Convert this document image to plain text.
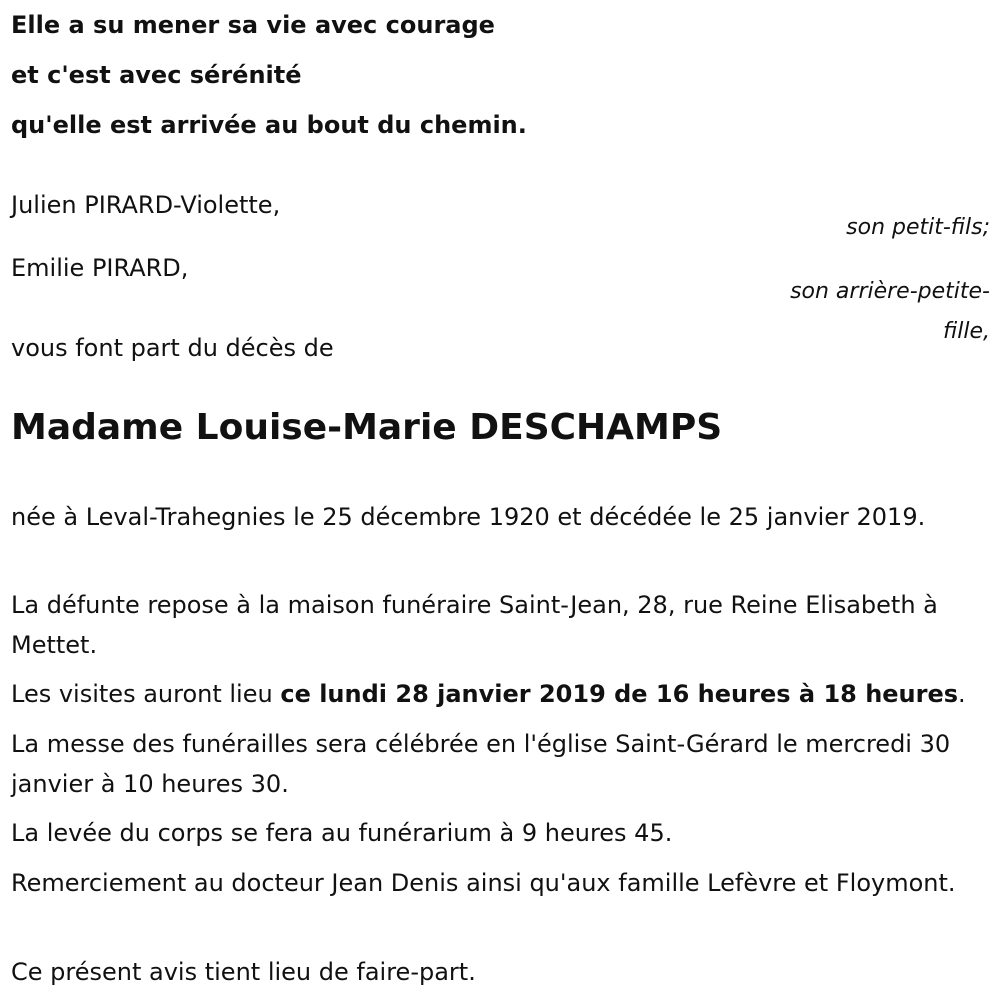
Elle a su mener sa vie avec courage
et c'est avec sérénité
qu'elle est arrivée au bout du chemin.
Julien PIRARD-Violette,
son petit-fils;
Emilie PIRARD,
son arrière-petite-
fille,
vous font part du décès de
Madame Louise-Marie DESCHAMPS
née à Leval-Trahegnies le 25 décembre 1920 et décédée le 25 janvier 2019.
La défunte repose à la maison funéraire Saint-Jean, 28, rue Reine Elisabeth à Mettet.
Les visites auront lieu ce lundi 28 janvier 2019 de 16 heures à 18 heures.
La messe des funérailles sera célébrée en l'église Saint-Gérard le mercredi 30 janvier à 10 heures 30.
La levée du corps se fera au funérarium à 9 heures 45.
Remerciement au docteur Jean Denis ainsi qu'aux famille Lefèvre et Floymont.
Ce présent avis tient lieu de faire-part.
